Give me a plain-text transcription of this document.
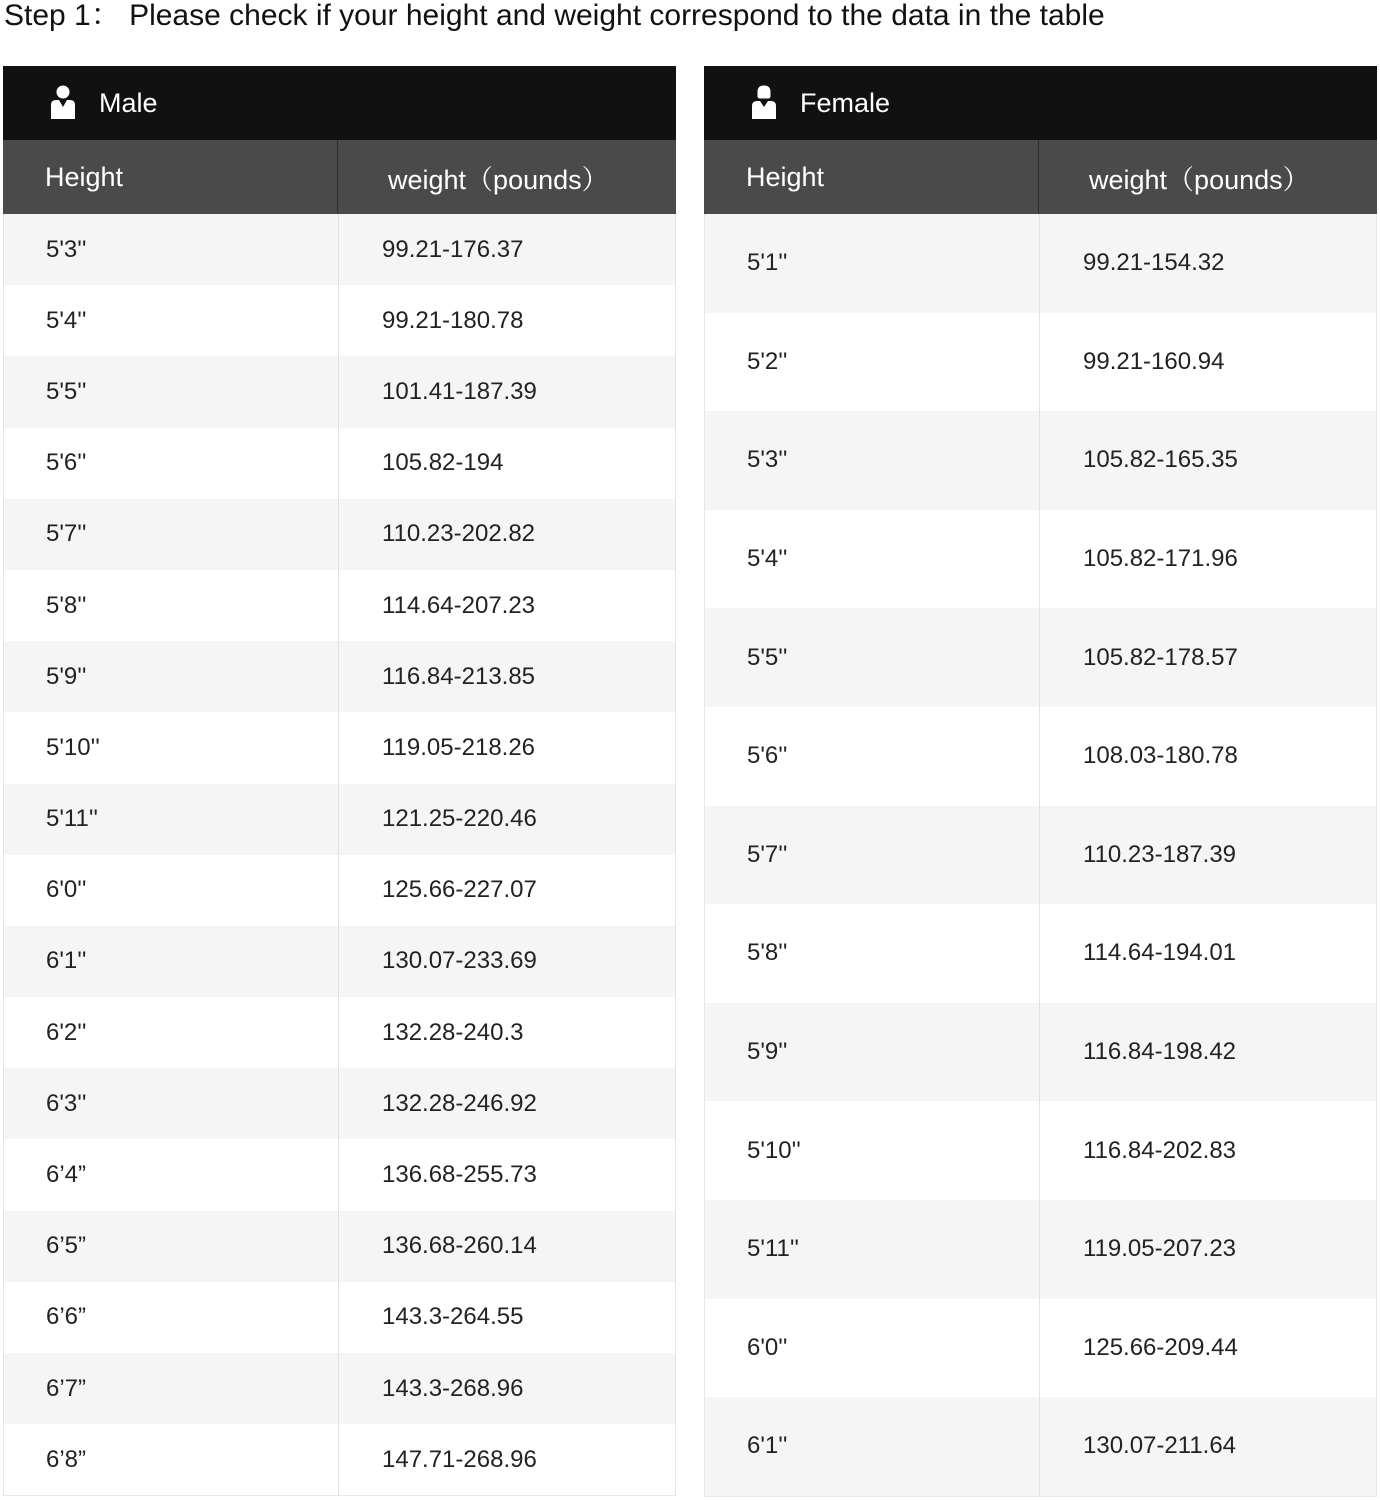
Step 1： Please check if your height and weight correspond to the data in the table
Male
Height	weight（pounds）
5'3''	99.21-176.37
5'4''	99.21-180.78
5'5''	101.41-187.39
5'6''	105.82-194
5'7''	110.23-202.82
5'8''	114.64-207.23
5'9''	116.84-213.85
5'10''	119.05-218.26
5'11''	121.25-220.46
6'0''	125.66-227.07
6'1''	130.07-233.69
6'2''	132.28-240.3
6'3''	132.28-246.92
6’4”	136.68-255.73
6’5”	136.68-260.14
6’6”	143.3-264.55
6’7”	143.3-268.96
6’8”	147.71-268.96
Female
Height	weight（pounds）
5'1''	99.21-154.32
5'2''	99.21-160.94
5'3''	105.82-165.35
5'4''	105.82-171.96
5'5''	105.82-178.57
5'6''	108.03-180.78
5'7''	110.23-187.39
5'8''	114.64-194.01
5'9''	116.84-198.42
5'10''	116.84-202.83
5'11''	119.05-207.23
6'0''	125.66-209.44
6'1''	130.07-211.64
